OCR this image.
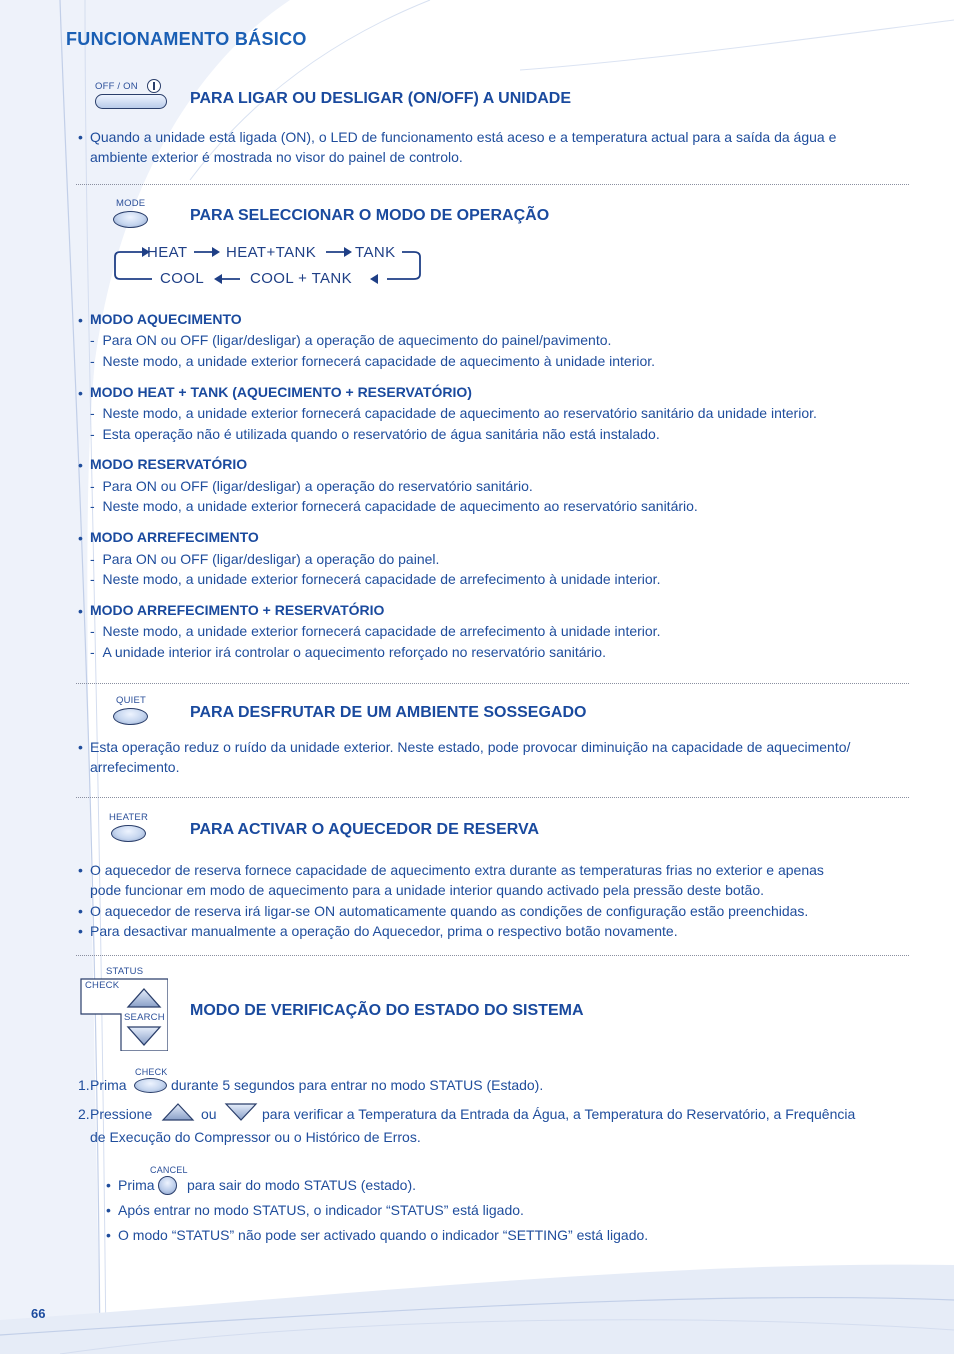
FUNCIONAMENTO BÁSICO
OFF / ON
PARA LIGAR OU DESLIGAR (ON/OFF) A UNIDADE
• Quando a unidade está ligada (ON), o LED de funcionamento está aceso e a temperatura actual para a saída da água e
ambiente exterior é mostrada no visor do painel de controlo.
MODE
PARA SELECCIONAR O MODO DE OPERAÇÃO
HEAT	HEAT+TANK	TANK
COOL	COOL + TANK
• MODO AQUECIMENTO
-  Para ON ou OFF (ligar/desligar) a operação de aquecimento do painel/pavimento.
-  Neste modo, a unidade exterior fornecerá capacidade de aquecimento à unidade interior.
• MODO HEAT + TANK (AQUECIMENTO + RESERVATÓRIO)
-  Neste modo, a unidade exterior fornecerá capacidade de aquecimento ao reservatório sanitário da unidade interior.
-  Esta operação não é utilizada quando o reservatório de água sanitária não está instalado.
• MODO RESERVATÓRIO
-  Para ON ou OFF (ligar/desligar) a operação do reservatório sanitário.
-  Neste modo, a unidade exterior fornecerá capacidade de aquecimento ao reservatório sanitário.
• MODO ARREFECIMENTO
-  Para ON ou OFF (ligar/desligar) a operação do painel.
-  Neste modo, a unidade exterior fornecerá capacidade de arrefecimento à unidade interior.
• MODO ARREFECIMENTO + RESERVATÓRIO
-  Neste modo, a unidade exterior fornecerá capacidade de arrefecimento à unidade interior.
-  A unidade interior irá controlar o aquecimento reforçado no reservatório sanitário.
QUIET
PARA DESFRUTAR DE UM AMBIENTE SOSSEGADO
• Esta operação reduz o ruído da unidade exterior. Neste estado, pode provocar diminuição na capacidade de aquecimento/
arrefecimento.
HEATER
PARA ACTIVAR O AQUECEDOR DE RESERVA
• O aquecedor de reserva fornece capacidade de aquecimento extra durante as temperaturas frias no exterior e apenas
pode funcionar em modo de aquecimento para a unidade interior quando activado pela pressão deste botão.
• O aquecedor de reserva irá ligar-se ON automaticamente quando as condições de configuração estão preenchidas.
• Para desactivar manualmente a operação do Aquecedor, prima o respectivo botão novamente.
STATUS
CHECK
SEARCH MODO DE VERIFICAÇÃO DO ESTADO DO SISTEMA
1. Prima
CHECK
durante 5 segundos para entrar no modo STATUS (Estado).
2. Pressione	ou	para verificar a Temperatura da Entrada da Água, a Temperatura do Reservatório, a Frequência
de Execução do Compressor ou o Histórico de Erros.
• Prima
CANCEL
para sair do modo STATUS (estado).
• Após entrar no modo STATUS, o indicador “STATUS” está ligado.
• O modo “STATUS” não pode ser activado quando o indicador “SETTING” está ligado.
66
